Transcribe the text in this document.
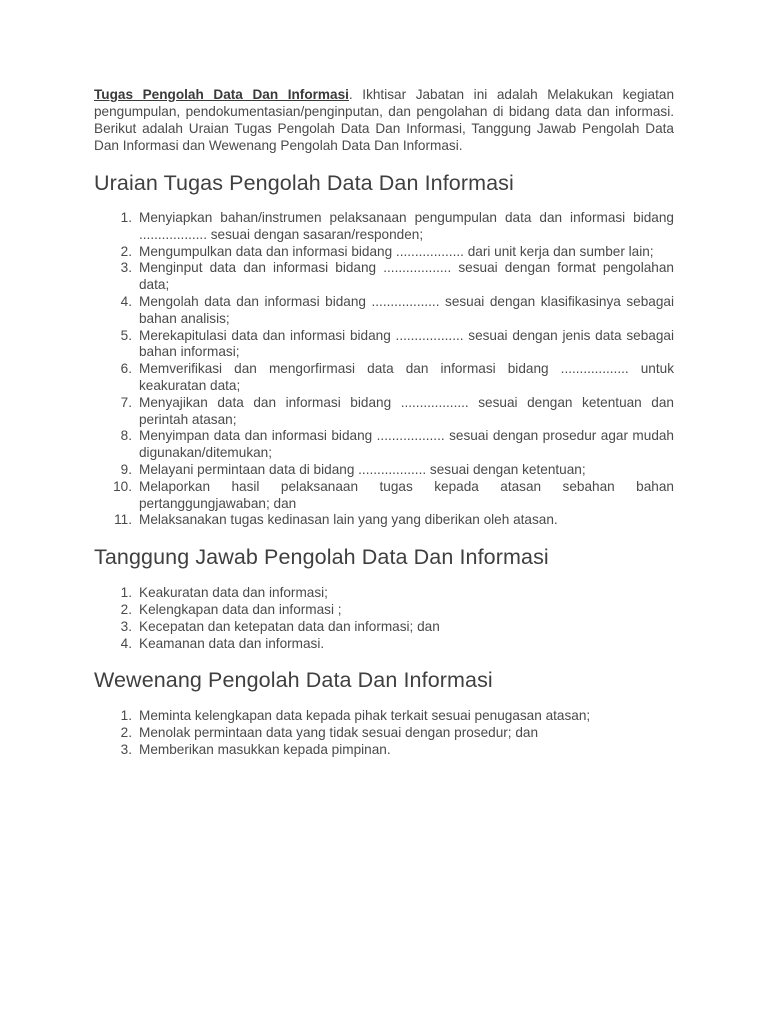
Tugas Pengolah Data Dan Informasi. Ikhtisar Jabatan ini adalah Melakukan kegiatan pengumpulan, pendokumentasian/penginputan, dan pengolahan di bidang data dan informasi. Berikut adalah Uraian Tugas Pengolah Data Dan Informasi, Tanggung Jawab Pengolah Data Dan Informasi dan Wewenang Pengolah Data Dan Informasi.

Uraian Tugas Pengolah Data Dan Informasi
1. Menyiapkan bahan/instrumen pelaksanaan pengumpulan data dan informasi bidang .................. sesuai dengan sasaran/responden;
2. Mengumpulkan data dan informasi bidang .................. dari unit kerja dan sumber lain;
3. Menginput data dan informasi bidang .................. sesuai dengan format pengolahan data;
4. Mengolah data dan informasi bidang .................. sesuai dengan klasifikasinya sebagai bahan analisis;
5. Merekapitulasi data dan informasi bidang .................. sesuai dengan jenis data sebagai bahan informasi;
6. Memverifikasi dan mengorfirmasi data dan informasi bidang .................. untuk keakuratan data;
7. Menyajikan data dan informasi bidang .................. sesuai dengan ketentuan dan perintah atasan;
8. Menyimpan data dan informasi bidang .................. sesuai dengan prosedur agar mudah digunakan/ditemukan;
9. Melayani permintaan data di bidang .................. sesuai dengan ketentuan;
10. Melaporkan hasil pelaksanaan tugas kepada atasan sebahan bahan pertanggungjawaban; dan
11. Melaksanakan tugas kedinasan lain yang yang diberikan oleh atasan.
Tanggung Jawab Pengolah Data Dan Informasi
1. Keakuratan data dan informasi;
2. Kelengkapan data dan informasi ;
3. Kecepatan dan ketepatan data dan informasi; dan
4. Keamanan data dan informasi.
Wewenang Pengolah Data Dan Informasi
1. Meminta kelengkapan data kepada pihak terkait sesuai penugasan atasan;
2. Menolak permintaan data yang tidak sesuai dengan prosedur; dan
3. Memberikan masukkan kepada pimpinan.
